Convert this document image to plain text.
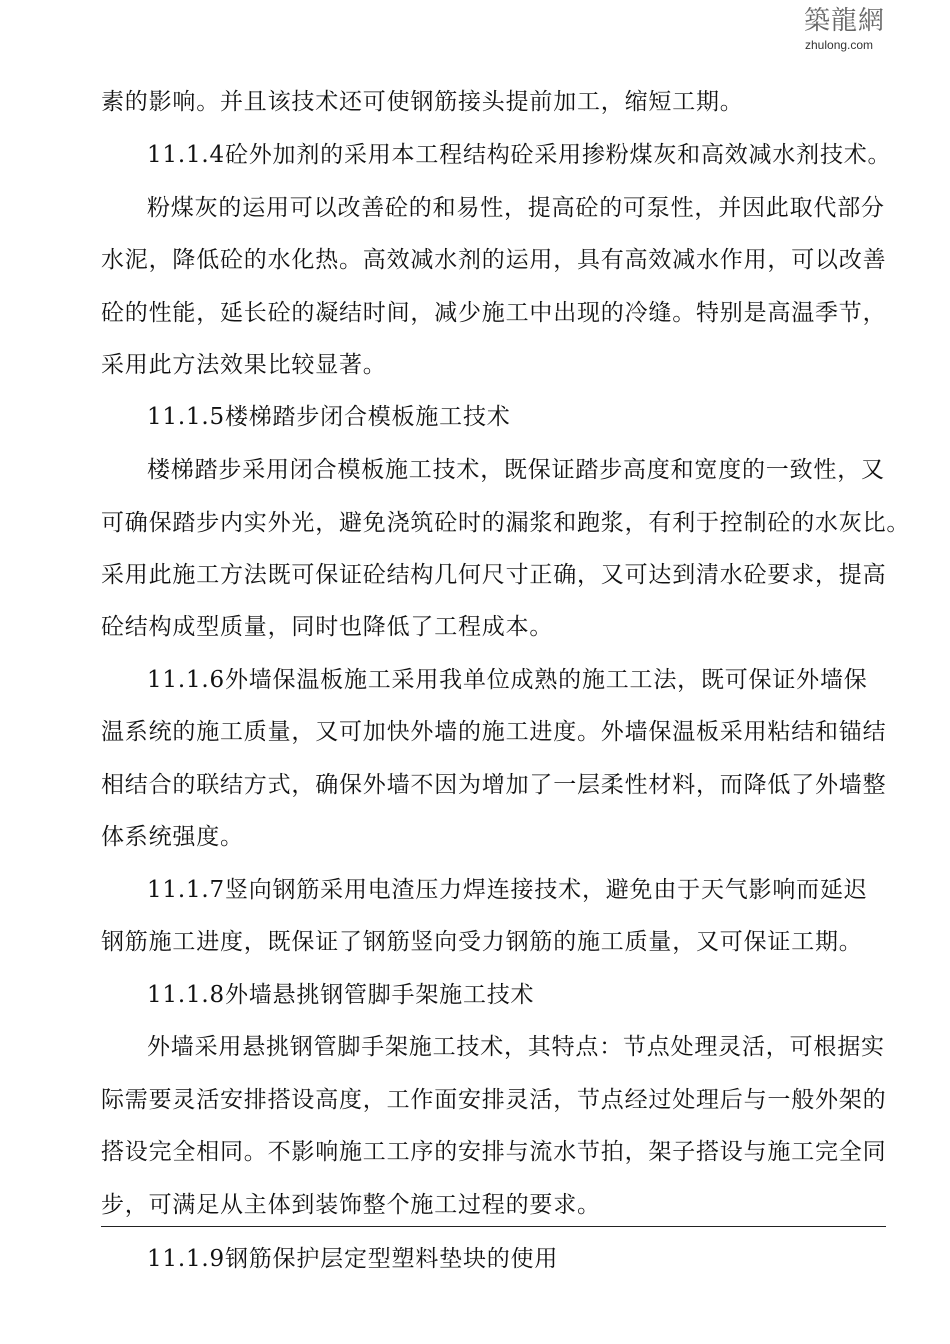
築龍網
zhulong.com
素的影响。并且该技术还可使钢筋接头提前加工，缩短工期。
11.1.4砼外加剂的采用本工程结构砼采用掺粉煤灰和高效减水剂技术。
粉煤灰的运用可以改善砼的和易性，提高砼的可泵性，并因此取代部分
水泥，降低砼的水化热。高效减水剂的运用，具有高效减水作用，可以改善
砼的性能，延长砼的凝结时间，减少施工中出现的冷缝。特别是高温季节，
采用此方法效果比较显著。
11.1.5楼梯踏步闭合模板施工技术
楼梯踏步采用闭合模板施工技术，既保证踏步高度和宽度的一致性，又
可确保踏步内实外光，避免浇筑砼时的漏浆和跑浆，有利于控制砼的水灰比。
采用此施工方法既可保证砼结构几何尺寸正确，又可达到清水砼要求，提高
砼结构成型质量，同时也降低了工程成本。
11.1.6外墙保温板施工采用我单位成熟的施工工法，既可保证外墙保
温系统的施工质量，又可加快外墙的施工进度。外墙保温板采用粘结和锚结
相结合的联结方式，确保外墙不因为增加了一层柔性材料，而降低了外墙整
体系统强度。
11.1.7竖向钢筋采用电渣压力焊连接技术，避免由于天气影响而延迟
钢筋施工进度，既保证了钢筋竖向受力钢筋的施工质量，又可保证工期。
11.1.8外墙悬挑钢管脚手架施工技术
外墙采用悬挑钢管脚手架施工技术，其特点：节点处理灵活，可根据实
际需要灵活安排搭设高度，工作面安排灵活，节点经过处理后与一般外架的
搭设完全相同。不影响施工工序的安排与流水节拍，架子搭设与施工完全同
步，可满足从主体到装饰整个施工过程的要求。
11.1.9钢筋保护层定型塑料垫块的使用
